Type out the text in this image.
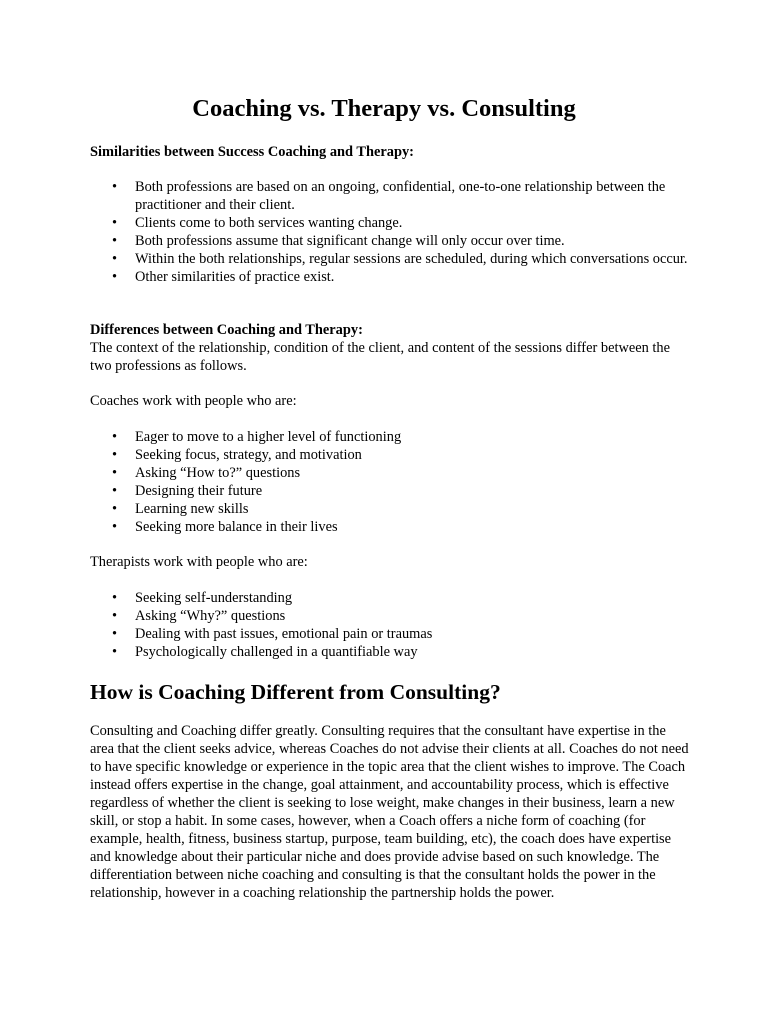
Coaching vs. Therapy vs. Consulting

Similarities between Success Coaching and Therapy:

• Both professions are based on an ongoing, confidential, one-to-one relationship between the practitioner and their client.
• Clients come to both services wanting change.
• Both professions assume that significant change will only occur over time.
• Within the both relationships, regular sessions are scheduled, during which conversations occur.
• Other similarities of practice exist.

Differences between Coaching and Therapy:

The context of the relationship, condition of the client, and content of the sessions differ between the two professions as follows.

Coaches work with people who are:

• Eager to move to a higher level of functioning
• Seeking focus, strategy, and motivation
• Asking “How to?” questions
• Designing their future
• Learning new skills
• Seeking more balance in their lives

Therapists work with people who are:

• Seeking self-understanding
• Asking “Why?” questions
• Dealing with past issues, emotional pain or traumas
• Psychologically challenged in a quantifiable way
How is Coaching Different from Consulting?

Consulting and Coaching differ greatly. Consulting requires that the consultant have expertise in the area that the client seeks advice, whereas Coaches do not advise their clients at all. Coaches do not need to have specific knowledge or experience in the topic area that the client wishes to improve. The Coach instead offers expertise in the change, goal attainment, and accountability process, which is effective regardless of whether the client is seeking to lose weight, make changes in their business, learn a new skill, or stop a habit. In some cases, however, when a Coach offers a niche form of coaching (for example, health, fitness, business startup, purpose, team building, etc), the coach does have expertise and knowledge about their particular niche and does provide advise based on such knowledge. The differentiation between niche coaching and consulting is that the consultant holds the power in the relationship, however in a coaching relationship the partnership holds the power.
